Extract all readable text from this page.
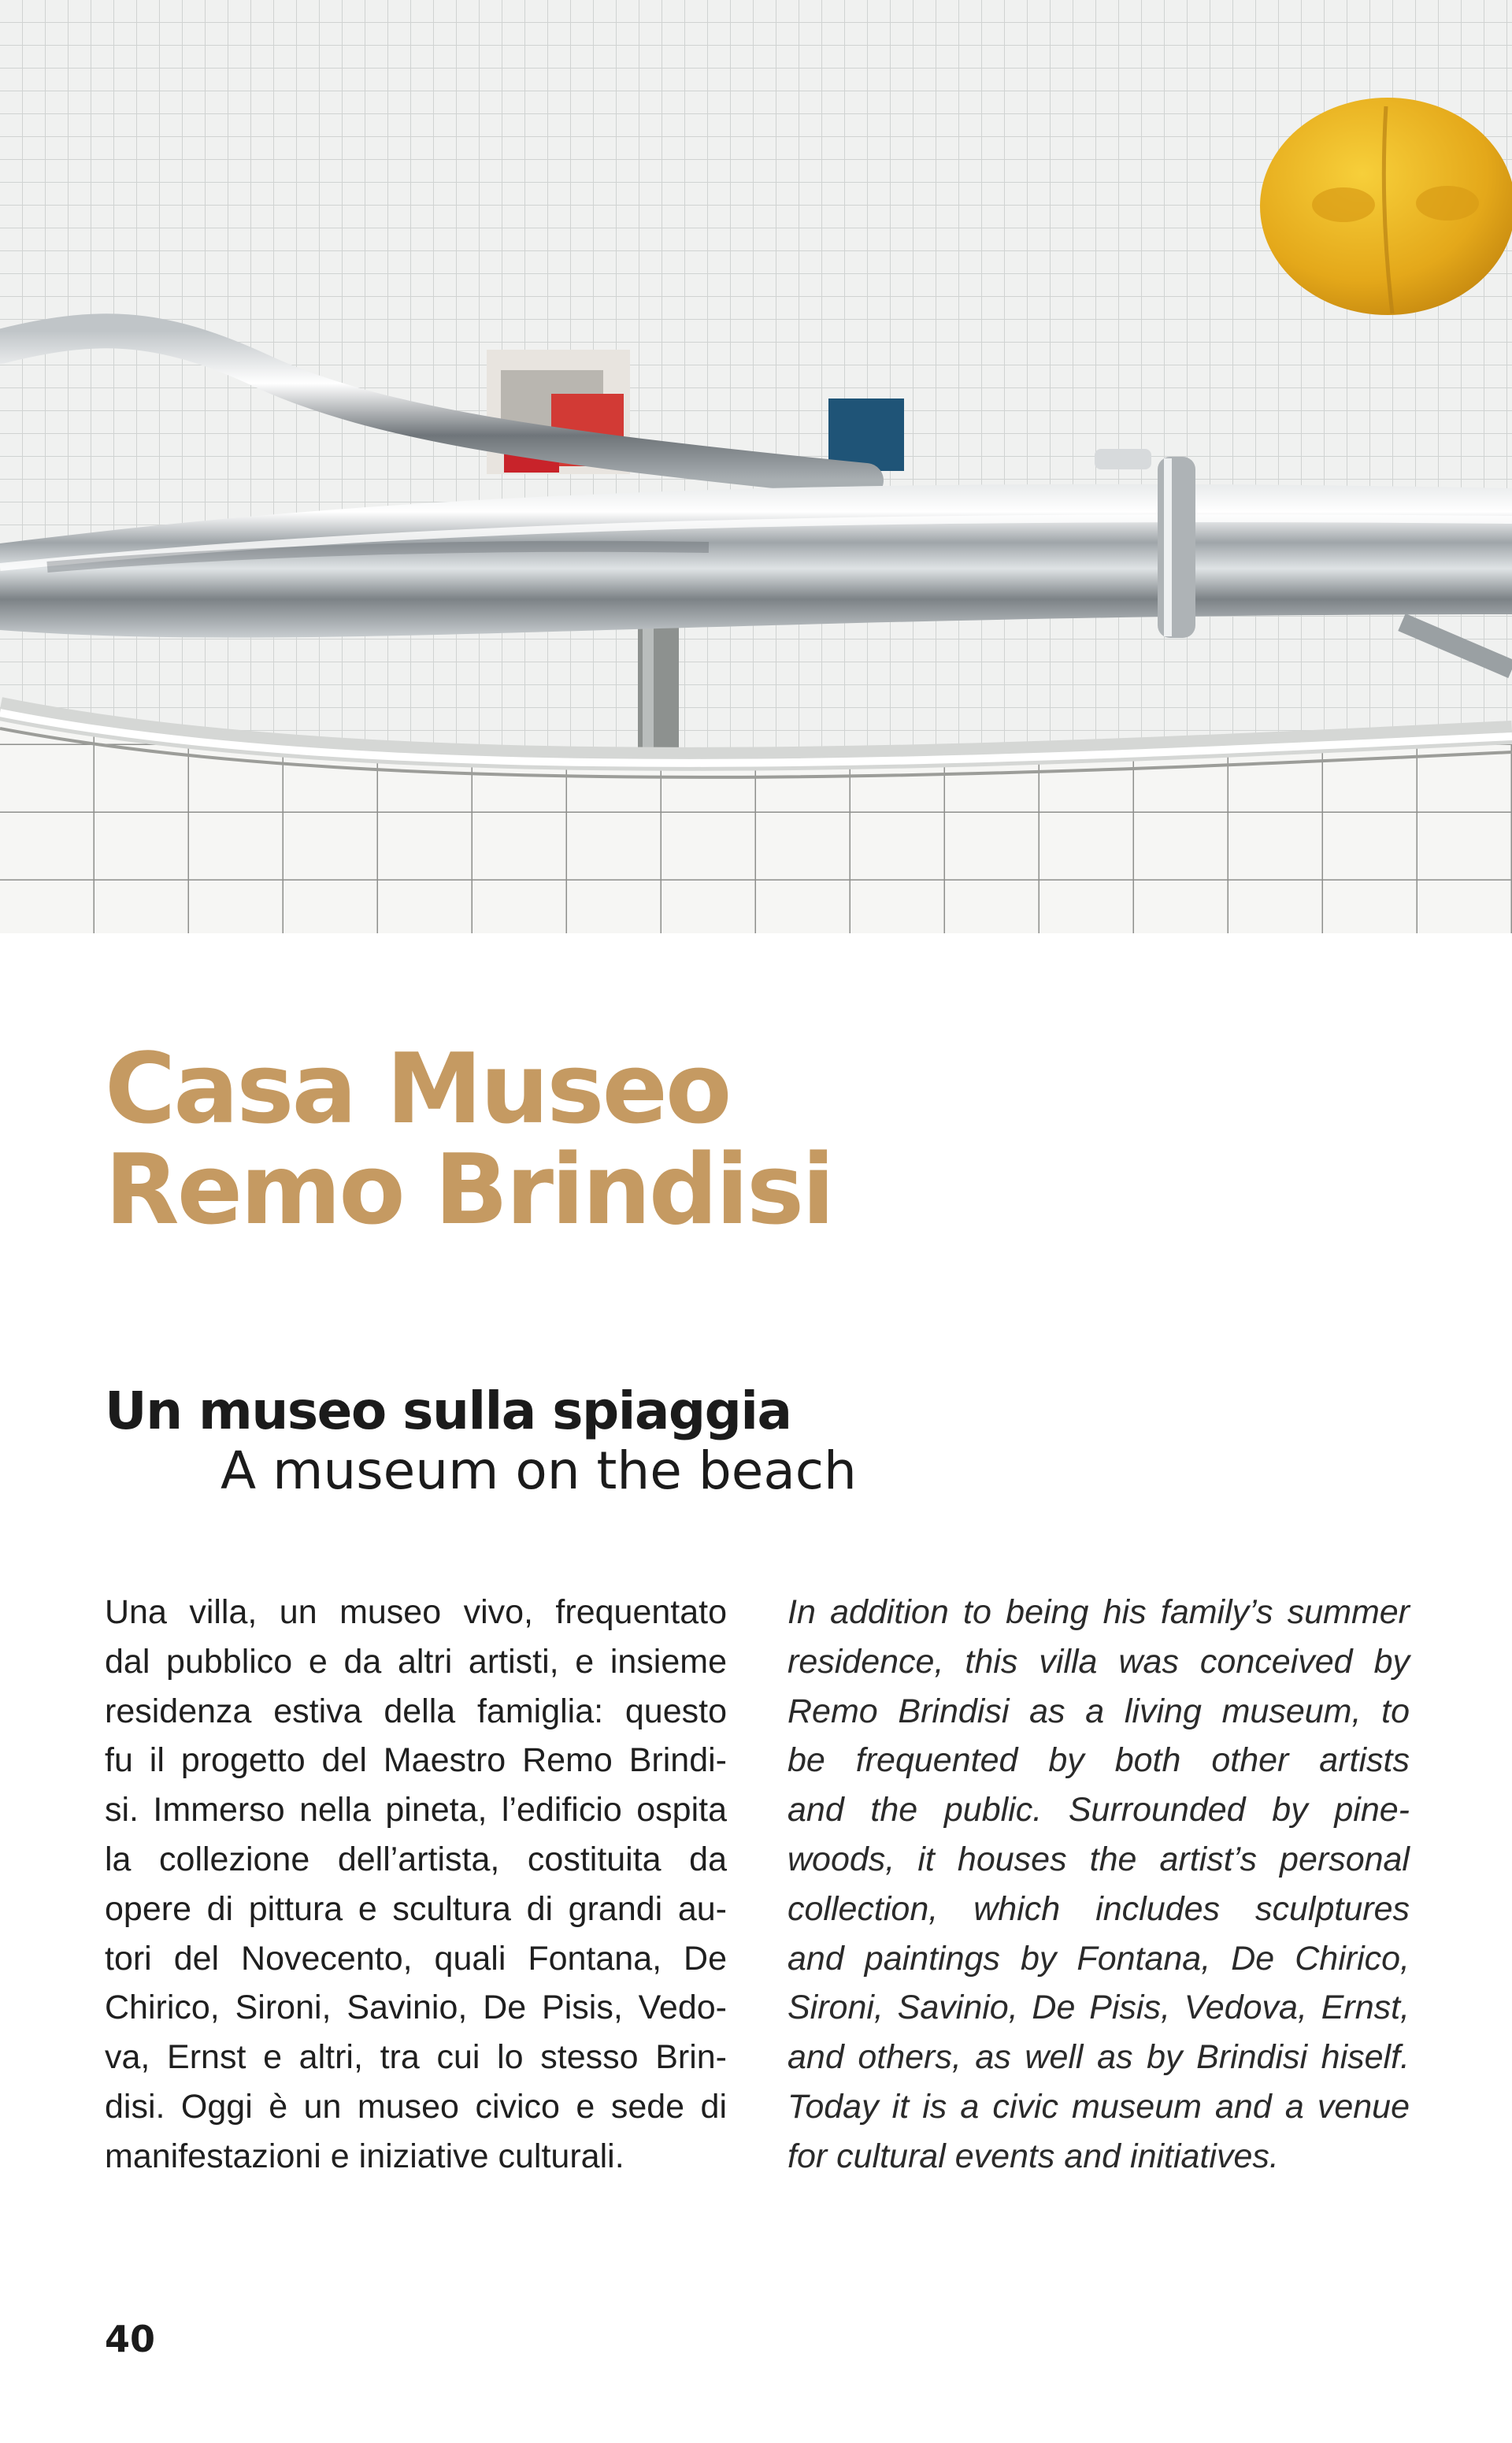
Casa Museo
Remo Brindisi
Un museo sulla spiaggia
A museum on the beach
Una villa, un museo vivo, frequentato
dal pubblico e da altri artisti, e insieme
residenza estiva della famiglia: questo
fu il progetto del Maestro Remo Brindi-
si. Immerso nella pineta, l’edificio ospita
la collezione dell’artista, costituita da
opere di pittura e scultura di grandi au-
tori del Novecento, quali Fontana, De
Chirico, Sironi, Savinio, De Pisis, Vedo-
va, Ernst e altri, tra cui lo stesso Brin-
disi. Oggi è un museo civico e sede di
manifestazioni e iniziative culturali.
In addition to being his family’s summer
residence, this villa was conceived by
Remo Brindisi as a living museum, to
be frequented by both other artists
and the public. Surrounded by pine-
woods, it houses the artist’s personal
collection, which includes sculptures
and paintings by Fontana, De Chirico,
Sironi, Savinio, De Pisis, Vedova, Ernst,
and others, as well as by Brindisi hiself.
Today it is a civic museum and a venue
for cultural events and initiatives.
40
